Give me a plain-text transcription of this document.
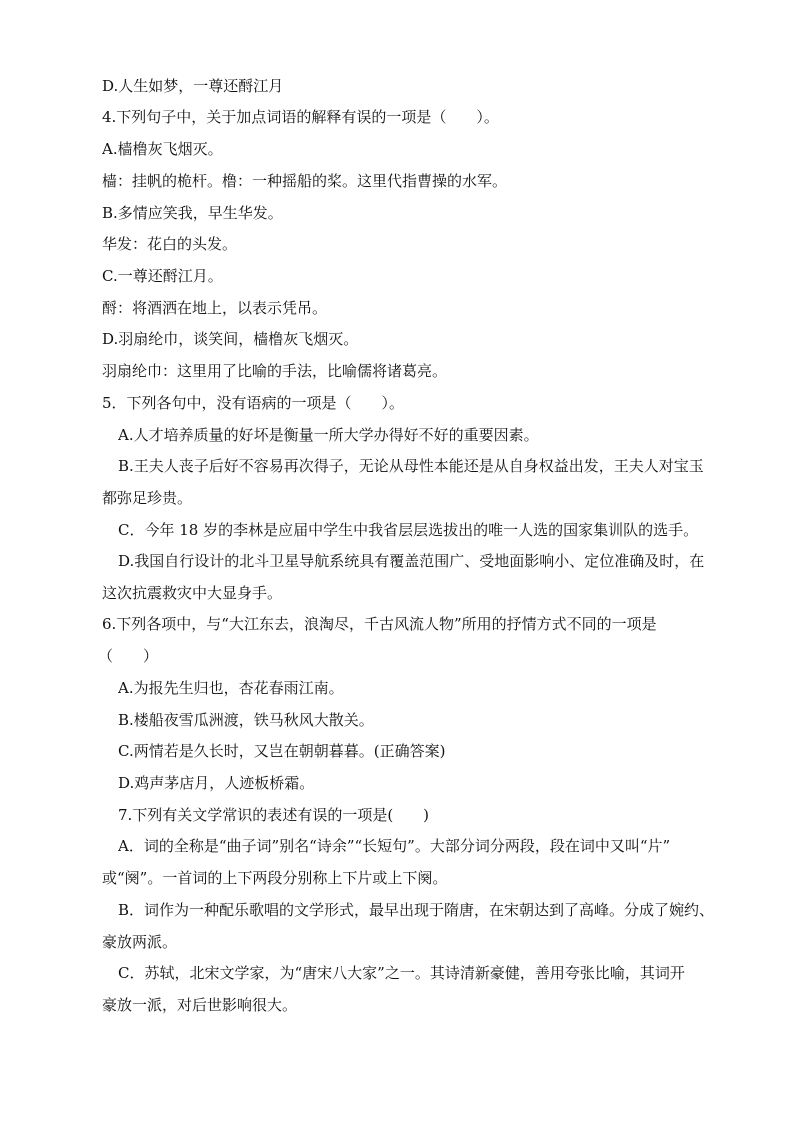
D.人生如梦，一尊还酹江月
4.下列句子中，关于加点词语的解释有误的一项是（　　）。
A.樯橹灰飞烟灭。
樯：挂帆的桅杆。橹：一种摇船的桨。这里代指曹操的水军。
B.多情应笑我，早生华发。
华发：花白的头发。
C.一尊还酹江月。
酹：将酒洒在地上，以表示凭吊。
D.羽扇纶巾，谈笑间，樯橹灰飞烟灭。
羽扇纶巾：这里用了比喻的手法，比喻儒将诸葛亮。
5．下列各句中，没有语病的一项是（　　）。
A.人才培养质量的好坏是衡量一所大学办得好不好的重要因素。
B.王夫人丧子后好不容易再次得子，无论从母性本能还是从自身权益出发，王夫人对宝玉
都弥足珍贵。
C．今年 18 岁的李林是应届中学生中我省层层选拔出的唯一人选的国家集训队的选手。
D.我国自行设计的北斗卫星导航系统具有覆盖范围广、受地面影响小、定位准确及时，在
这次抗震救灾中大显身手。
6.下列各项中，与“大江东去，浪淘尽，千古风流人物”所用的抒情方式不同的一项是
（　　）
A.为报先生归也，杏花春雨江南。
B.楼船夜雪瓜洲渡，铁马秋风大散关。
C.两情若是久长时，又岂在朝朝暮暮。(正确答案)
D.鸡声茅店月，人迹板桥霜。
7.下列有关文学常识的表述有误的一项是(　　)
A．词的全称是“曲子词”别名“诗余”“长短句”。大部分词分两段，段在词中又叫“片”
或“阕”。一首词的上下两段分别称上下片或上下阕。
B．词作为一种配乐歌唱的文学形式，最早出现于隋唐，在宋朝达到了高峰。分成了婉约、
豪放两派。
C．苏轼，北宋文学家，为“唐宋八大家”之一。其诗清新豪健，善用夸张比喻，其词开
豪放一派，对后世影响很大。
